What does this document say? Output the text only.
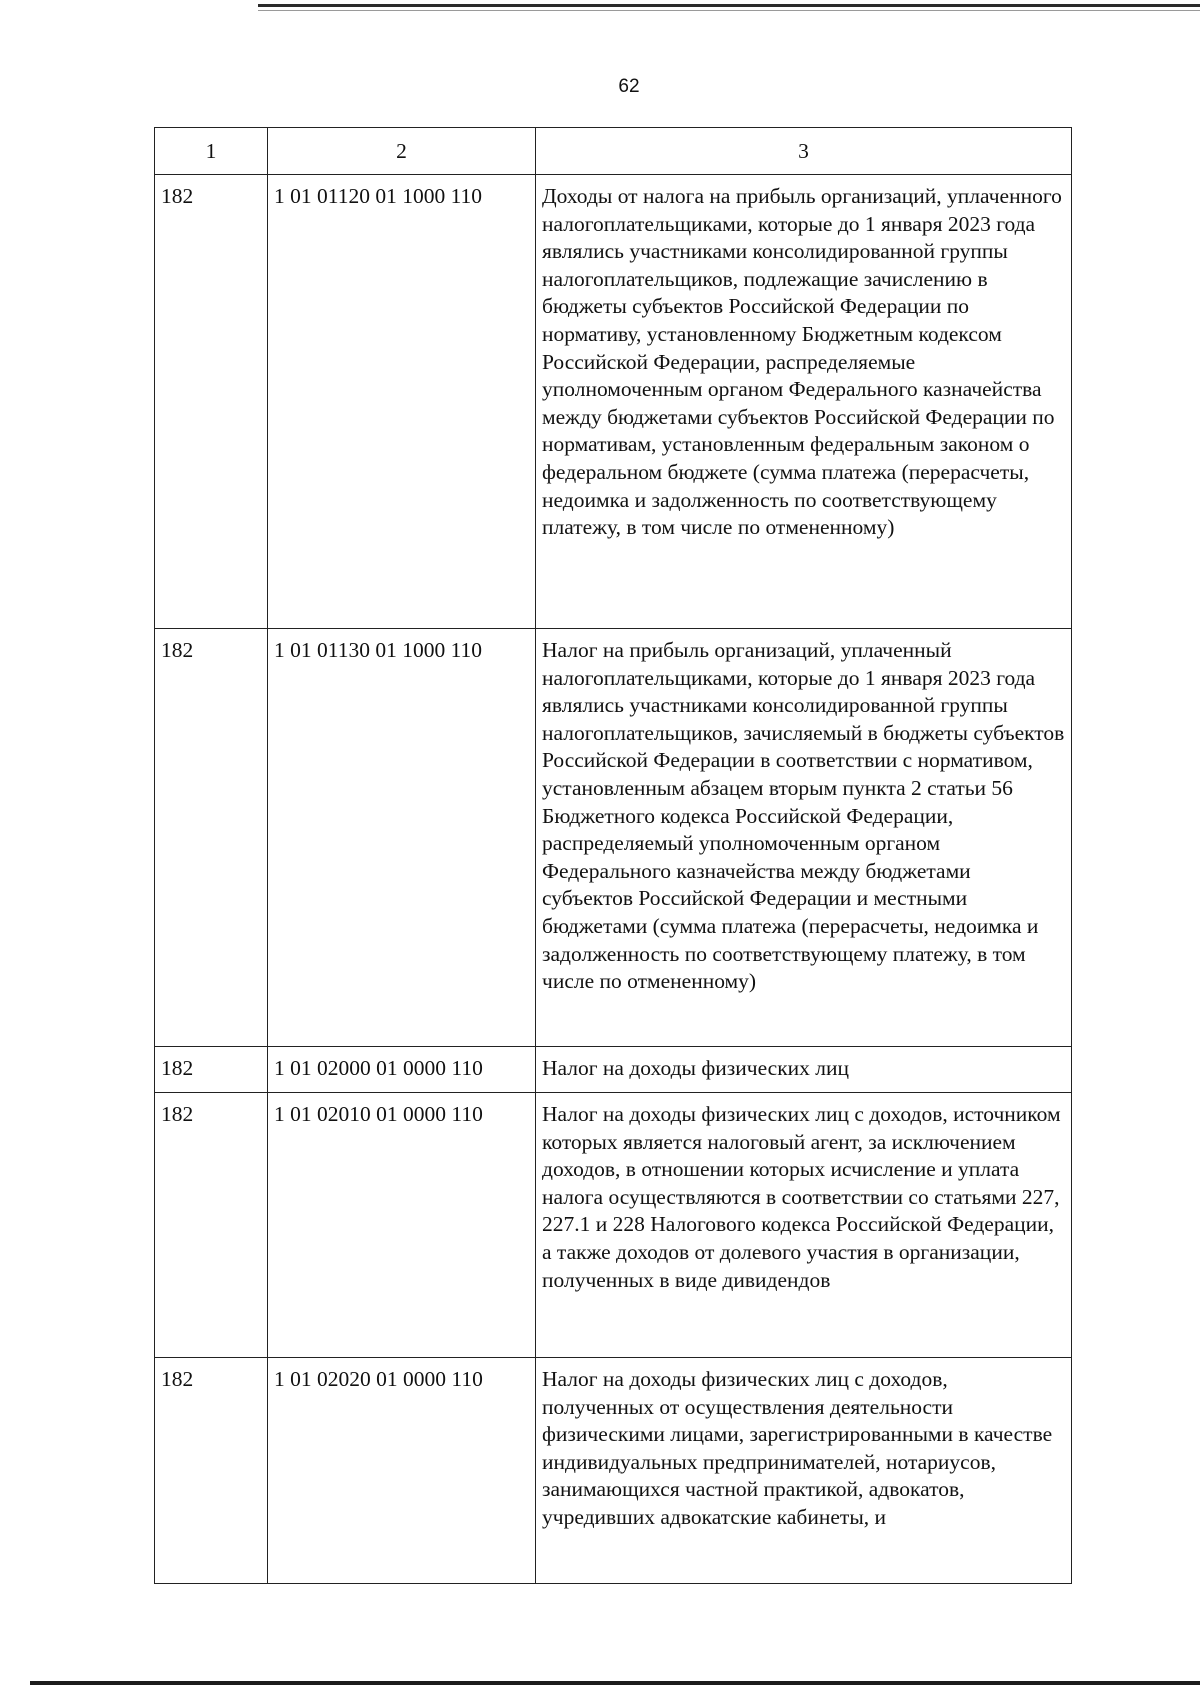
62
1	2	3
182	1 01 01120 01 1000 110	Доходы от налога на прибыль организаций, уплаченного налогоплательщиками, которые до 1 января 2023 года являлись участниками консолидированной группы налогоплательщиков, подлежащие зачислению в бюджеты субъектов Российской Федерации по нормативу, установленному Бюджетным кодексом Российской Федерации, распределяемые уполномоченным органом Федерального казначейства между бюджетами субъектов Российской Федерации по нормативам, установленным федеральным законом о федеральном бюджете (сумма платежа (перерасчеты, недоимка и задолженность по соответствующему платежу, в том числе по отмененному)
182	1 01 01130 01 1000 110	Налог на прибыль организаций, уплаченный налогоплательщиками, которые до 1 января 2023 года являлись участниками консолидированной группы налогоплательщиков, зачисляемый в бюджеты субъектов Российской Федерации в соответствии с нормативом, установленным абзацем вторым пункта 2 статьи 56 Бюджетного кодекса Российской Федерации, распределяемый уполномоченным органом Федерального казначейства между бюджетами субъектов Российской Федерации и местными бюджетами (сумма платежа (перерасчеты, недоимка и задолженность по соответствующему платежу, в том числе по отмененному)
182	1 01 02000 01 0000 110	Налог на доходы физических лиц
182	1 01 02010 01 0000 110	Налог на доходы физических лиц с доходов, источником которых является налоговый агент, за исключением доходов, в отношении которых исчисление и уплата налога осуществляются в соответствии со статьями 227, 227.1 и 228 Налогового кодекса Российской Федерации, а также доходов от долевого участия в организации, полученных в виде дивидендов
182	1 01 02020 01 0000 110	Налог на доходы физических лиц с доходов, полученных от осуществления деятельности физическими лицами, зарегистрированными в качестве индивидуальных предпринимателей, нотариусов, занимающихся частной практикой, адвокатов, учредивших адвокатские кабинеты, и
